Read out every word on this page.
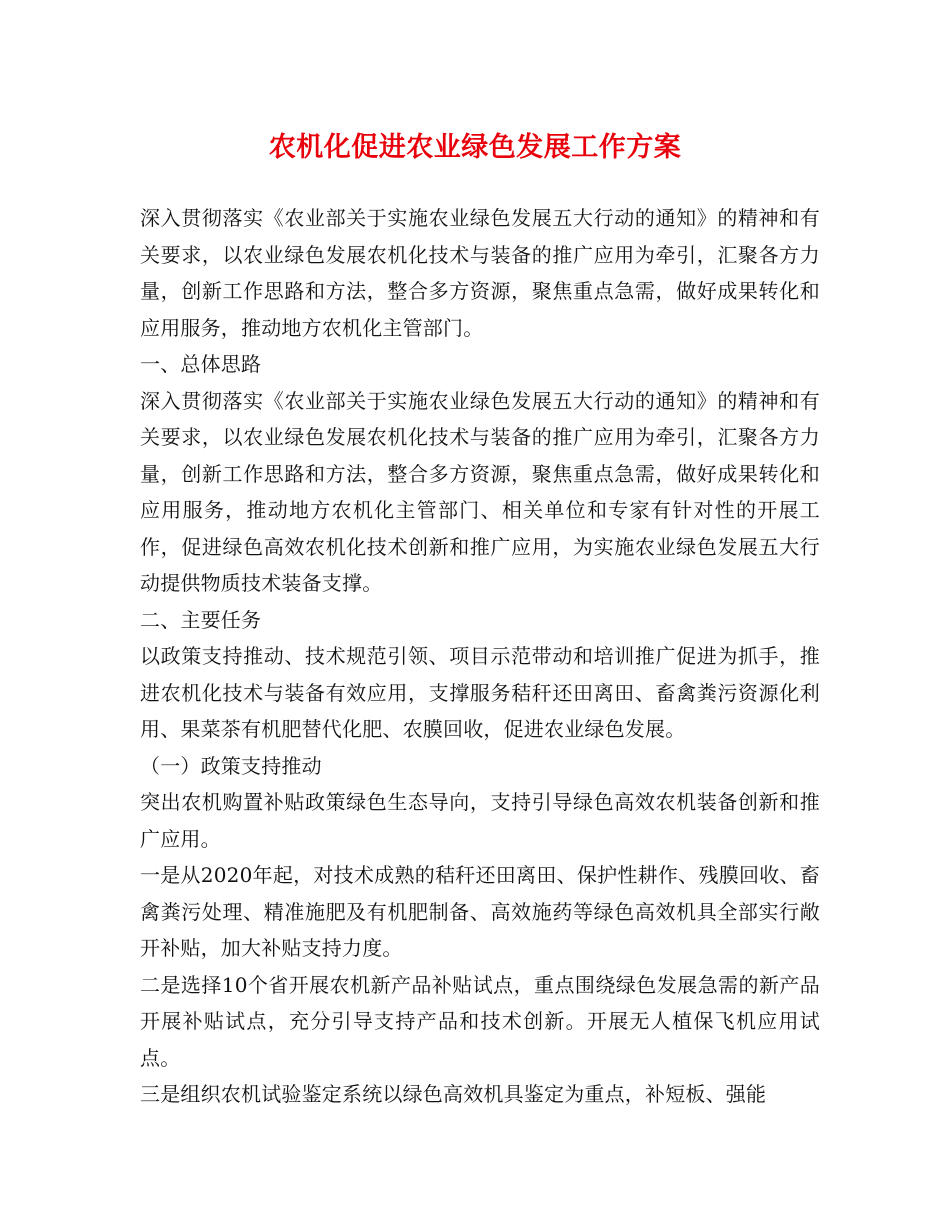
农机化促进农业绿色发展工作方案

深入贯彻落实《农业部关于实施农业绿色发展五大行动的通知》的精神和有关要求，以农业绿色发展农机化技术与装备的推广应用为牵引，汇聚各方力量，创新工作思路和方法，整合多方资源，聚焦重点急需，做好成果转化和应用服务，推动地方农机化主管部门。

一、总体思路

深入贯彻落实《农业部关于实施农业绿色发展五大行动的通知》的精神和有关要求，以农业绿色发展农机化技术与装备的推广应用为牵引，汇聚各方力量，创新工作思路和方法，整合多方资源，聚焦重点急需，做好成果转化和应用服务，推动地方农机化主管部门、相关单位和专家有针对性的开展工作，促进绿色高效农机化技术创新和推广应用，为实施农业绿色发展五大行动提供物质技术装备支撑。

二、主要任务

以政策支持推动、技术规范引领、项目示范带动和培训推广促进为抓手，推进农机化技术与装备有效应用，支撑服务秸秆还田离田、畜禽粪污资源化利用、果菜茶有机肥替代化肥、农膜回收，促进农业绿色发展。

（一）政策支持推动

突出农机购置补贴政策绿色生态导向，支持引导绿色高效农机装备创新和推广应用。

一是从2020年起，对技术成熟的秸秆还田离田、保护性耕作、残膜回收、畜禽粪污处理、精准施肥及有机肥制备、高效施药等绿色高效机具全部实行敞开补贴，加大补贴支持力度。

二是选择10个省开展农机新产品补贴试点，重点围绕绿色发展急需的新产品开展补贴试点，充分引导支持产品和技术创新。开展无人植保飞机应用试点。

三是组织农机试验鉴定系统以绿色高效机具鉴定为重点，补短板、强能
